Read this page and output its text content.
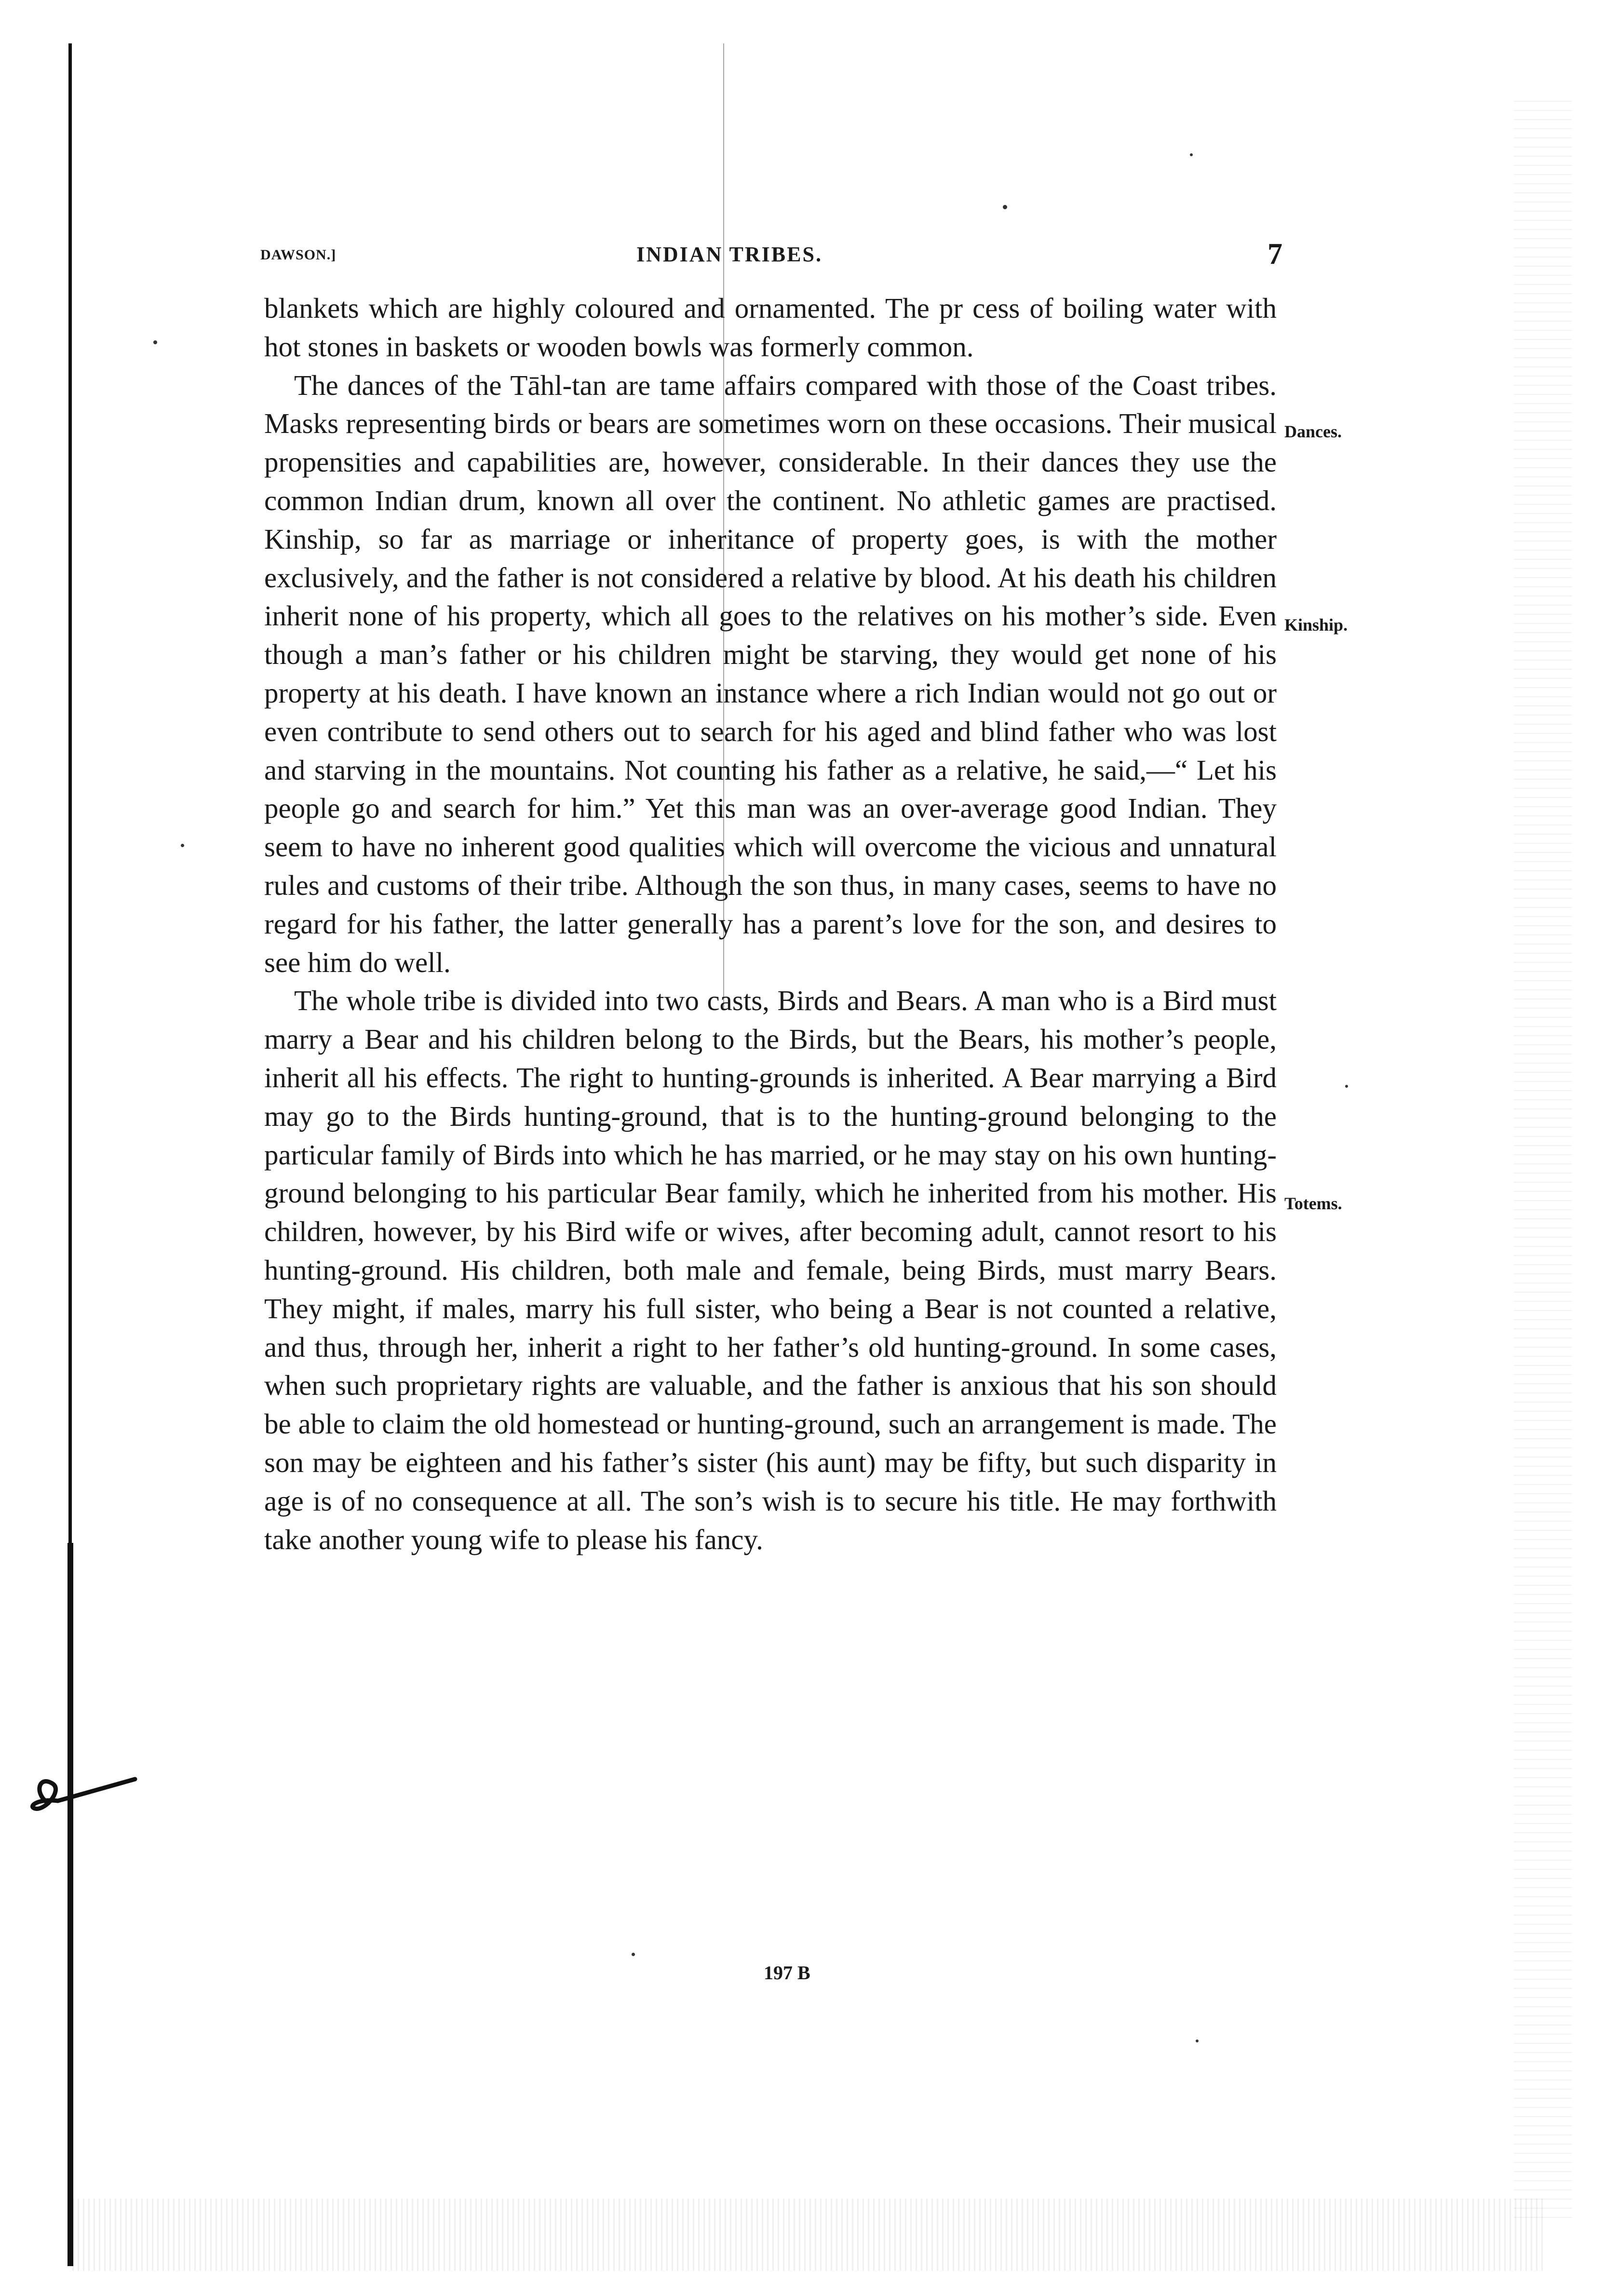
DAWSON.]	INDIAN TRIBES.	7

blankets which are highly coloured and ornamented. The pr cess of boiling water with hot stones in baskets or wooden bowls was formerly common.

The dances of the Tāhl-tan are tame affairs compared with those of the Coast tribes. Masks representing birds or bears are sometimes worn on these occasions. Their musical propensities and capabilities are, however, considerable. In their dances they use the common Indian drum, known all over the continent. No athletic games are practised. Kinship, so far as marriage or inheritance of property goes, is with the mother exclusively, and the father is not considered a relative by blood. At his death his children inherit none of his property, which all goes to the relatives on his mother’s side. Even though a man’s father or his children might be starving, they would get none of his property at his death. I have known an instance where a rich Indian would not go out or even contribute to send others out to search for his aged and blind father who was lost and starving in the mountains. Not counting his father as a relative, he said,—“ Let his people go and search for him.” Yet this man was an over-average good Indian. They seem to have no inherent good qualities which will overcome the vicious and unnatural rules and customs of their tribe. Although the son thus, in many cases, seems to have no regard for his father, the latter generally has a parent’s love for the son, and desires to see him do well.

The whole tribe is divided into two casts, Birds and Bears. A man who is a Bird must marry a Bear and his children belong to the Birds, but the Bears, his mother’s people, inherit all his effects. The right to hunting-grounds is inherited. A Bear marrying a Bird may go to the Birds hunting-ground, that is to the hunting-ground belonging to the particular family of Birds into which he has married, or he may stay on his own hunting-ground belonging to his particular Bear family, which he inherited from his mother. His children, however, by his Bird wife or wives, after becoming adult, cannot resort to his hunting-ground. His children, both male and female, being Birds, must marry Bears. They might, if males, marry his full sister, who being a Bear is not counted a relative, and thus, through her, inherit a right to her father’s old hunting-ground. In some cases, when such proprietary rights are valuable, and the father is anxious that his son should be able to claim the old homestead or hunting-ground, such an arrangement is made. The son may be eighteen and his father’s sister (his aunt) may be fifty, but such disparity in age is of no consequence at all. The son’s wish is to secure his title. He may forthwith take another young wife to please his fancy.

Dances.
Kinship.
Totems.
197 B
